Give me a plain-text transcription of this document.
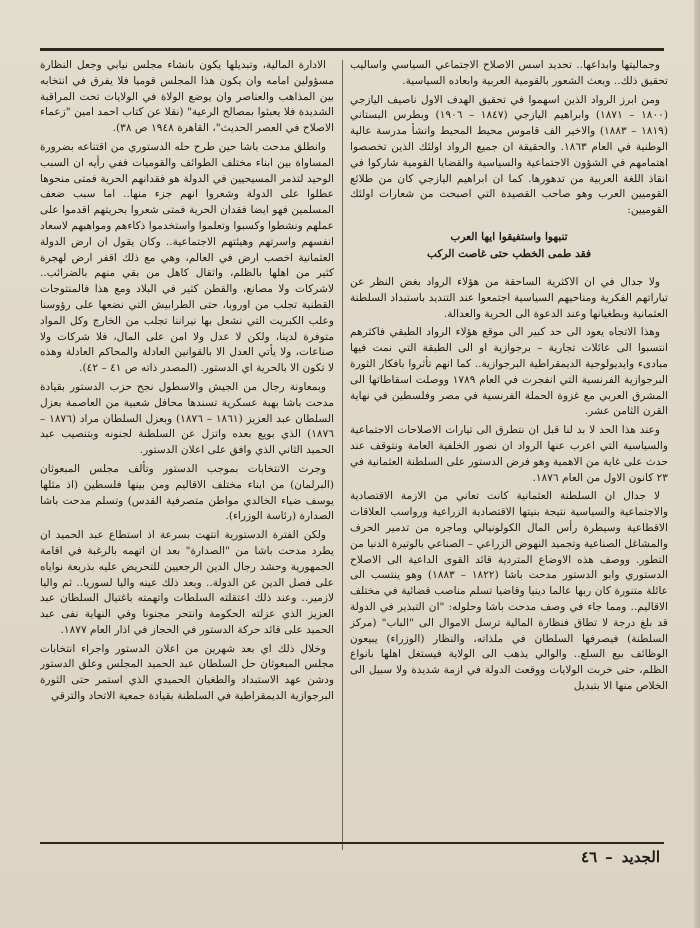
وجماليتها وابداعها.. تحديد اسس الاصلاح الاجتماعي السياسي واساليب تحقيق ذلك.. وبعث الشعور بالقومية العربية وابعاده السياسية.

ومن ابرز الرواد الذين اسهموا في تحقيق الهدف الاول ناصيف اليازجي (١٨٠٠ – ١٨٧١) وابراهيم اليازجي (١٨٤٧ – ١٩٠٦) وبطرس البستاني (١٨١٩ – ١٨٨٣) والاخير الف قاموس محيط المحيط وانشأ مدرسة عالية الوطنية في العام ١٨٦٣. والحقيقة ان جميع الرواد اولئك الذين تخصصوا اهتمامهم في الشؤون الاجتماعية والسياسية والقضايا القومية شاركوا في انقاذ اللغة العربية من تدهورها. كما ان ابراهيم اليازجي كان من طلائع القوميين العرب وهو صاحب القصيدة التي اصبحت من شعارات اولئك القوميين:

تنبهوا واستفيقوا ايها العرب
فقد طمى الخطب حتى غاصت الركب

ولا جدال في ان الاكثرية الساحقة من هؤلاء الرواد بغض النظر عن تياراتهم الفكرية ومناحيهم السياسية اجتمعوا عند التنديد باستبداد السلطنة العثمانية وبطغيانها وعند الدعوة الى الحرية والعدالة.

وهذا الاتجاه يعود الى حد كبير الى موقع هؤلاء الرواد الطبقي فاكثرهم انتسبوا الى عائلات تجارية – برجوازية او الى الطبقة التي نمت فيها مبادىء وايديولوجية الديمقراطية البرجوازية.. كما انهم تأثروا بافكار الثورة البرجوازية الفرنسية التي انفجرت في العام ١٧٨٩ ووصلت اسقاطاتها الى المشرق العربي مع غزوة الحملة الفرنسية في مصر وفلسطين في نهاية القرن الثامن عشر.

وعند هذا الحد لا بد لنا قبل ان نتطرق الى تيارات الاصلاحات الاجتماعية والسياسية التي اعرب عنها الرواد ان نصور الخلفية العامة ونتوقف عند حدث على غاية من الاهمية وهو فرض الدستور على السلطنة العثمانية في ٢٣ كانون الاول من العام ١٨٧٦.

لا جدال ان السلطنة العثمانية كانت تعاني من الازمة الاقتصادية والاجتماعية والسياسية نتيجة بنيتها الاقتصادية الزراعية ورواسب العلاقات الاقطاعية وسيطرة رأس المال الكولونيالي وماجره من تدمير الحرف والمشاغل الصناعية وتجميد النهوض الزراعي – الصناعي بالوتيرة الدنيا من التطور. ووصف هذه الاوضاع المتردية قائد القوى الداعية الى الاصلاح الدستوري وابو الدستور مدحت باشا (١٨٢٢ – ١٨٨٣) وهو ينتسب الى عائلة متنورة كان ربها عالما دينيا وقاضيا تسلم مناصب قضائية في مختلف الاقاليم.. ومما جاء في وصف مدحت باشا وحلوله: "ان التبذير في الدولة قد بلغ درجة لا تطاق فنظارة المالية ترسل الاموال الى "الباب" (مركز السلطنة) فيصرفها السلطان في ملذاته، والنظار (الوزراء) يبيعون الوظائف بيع السلع.. والوالي يذهب الى الولاية فيستغل اهلها بانواع الظلم، حتى خربت الولايات ووقعت الدولة في ازمة شديدة ولا سبيل الى الخلاص منها الا بتبديل

الادارة المالية، وتبديلها يكون بانشاء مجلس نيابي وجعل النظارة مسؤولين امامه وان يكون هذا المجلس قوميا فلا يفرق في انتخابه بين المذاهب والعناصر وان يوضع الولاة في الولايات تحت المراقبة الشديدة فلا يعبثوا بمصالح الرعية" (نقلا عن كتاب احمد امين "زعماء الاصلاح في العصر الحديث"، القاهرة ١٩٤٨ ص ٣٨).

وانطلق مدحت باشا حين طرح حله الدستوري من اقتناعه بضرورة المساواة بين ابناء مختلف الطوائف والقوميات ففي رأيه ان السبب الوحيد لتذمر المسيحيين في الدولة هو فقدانهم الحرية فمتى منحوها عطلوا على الدولة وشعروا انهم جزء منها.. اما سبب ضعف المسلمين فهو ايضا فقدان الحرية فمتى شعروا بحريتهم اقدموا على عملهم ونشطوا وكسبوا وتعلموا واستخدموا ذكاءهم ومواهبهم لاسعاد انفسهم واسرتهم وهيئتهم الاجتماعية.. وكان يقول ان ارض الدولة العثمانية اخصب ارض في العالم، وهي مع ذلك اقفر ارض لهجرة كثير من اهلها بالظلم، واثقال كاهل من بقي منهم بالضرائب.. لاشركات ولا مصانع، والقطن كثير في البلاد ومع هذا فالمنتوجات القطنية تجلب من اوروبا، حتى الطرابيش التي نضعها على رؤوسنا وعلب الكبريت التي نشعل بها نيراننا تجلب من الخارج وكل المواد متوفرة لدينا، ولكن لا عدل ولا امن على المال، فلا شركات ولا صناعات، ولا يأتي العدل الا بالقوانين العادلة والمحاكم العادلة وهذه لا تكون الا بالحرية اي الدستور. (المصدر ذاته ص ٤١ – ٤٢).

وبمعاونة رجال من الجيش والاسطول نجح حزب الدستور بقيادة مدحت باشا بهبة عسكرية تسندها محافل شعبية من العاصمة بعزل السلطان عبد العزيز (١٨٦١ – ١٨٧٦) وبعزل السلطان مراد (١٨٧٦ – ١٨٧٦) الذي بويع بعده واتزل عن السلطنة لجنونه وبتنصيب عبد الحميد الثاني الذي وافق على اعلان الدستور.

وجرت الانتخابات بموجب الدستور وتألف مجلس المبعوثان (البرلمان) من ابناء مختلف الاقاليم ومن بينها فلسطين (اذ مثلها يوسف ضياء الخالدي مواطن متصرفية القدس) وتسلم مدحت باشا الصدارة (رئاسة الوزراء).

ولكن الفترة الدستورية انتهت بسرعة اذ استطاع عبد الحميد ان يطرد مدحت باشا من "الصدارة" بعد ان اتهمه بالرغبة في اقامة الجمهورية وحشد رجال الدين الرجعيين للتحريض عليه بذريعة نواياه على فصل الدين عن الدولة.. وبعد ذلك عينه واليا لسوريا.. ثم واليا لازمير.. وعند ذلك اعتقلته السلطات واتهمته باغتيال السلطان عبد العزيز الذي عزلته الحكومة وانتحر مجنونا وفي النهاية نفى عبد الحميد على قائد حركة الدستور في الحجاز في اذار العام ١٨٧٧.

وخلال ذلك اي بعد شهرين من اعلان الدستور واجراء انتخابات مجلس المبعوثان حل السلطان عبد الحميد المجلس وعلق الدستور ودشن عهد الاستبداد والطغيان الحميدي الذي استمر حتى الثورة البرجوازية الديمقراطية في السلطنة بقيادة جمعية الاتحاد والترقي

الجديد–٤٦
